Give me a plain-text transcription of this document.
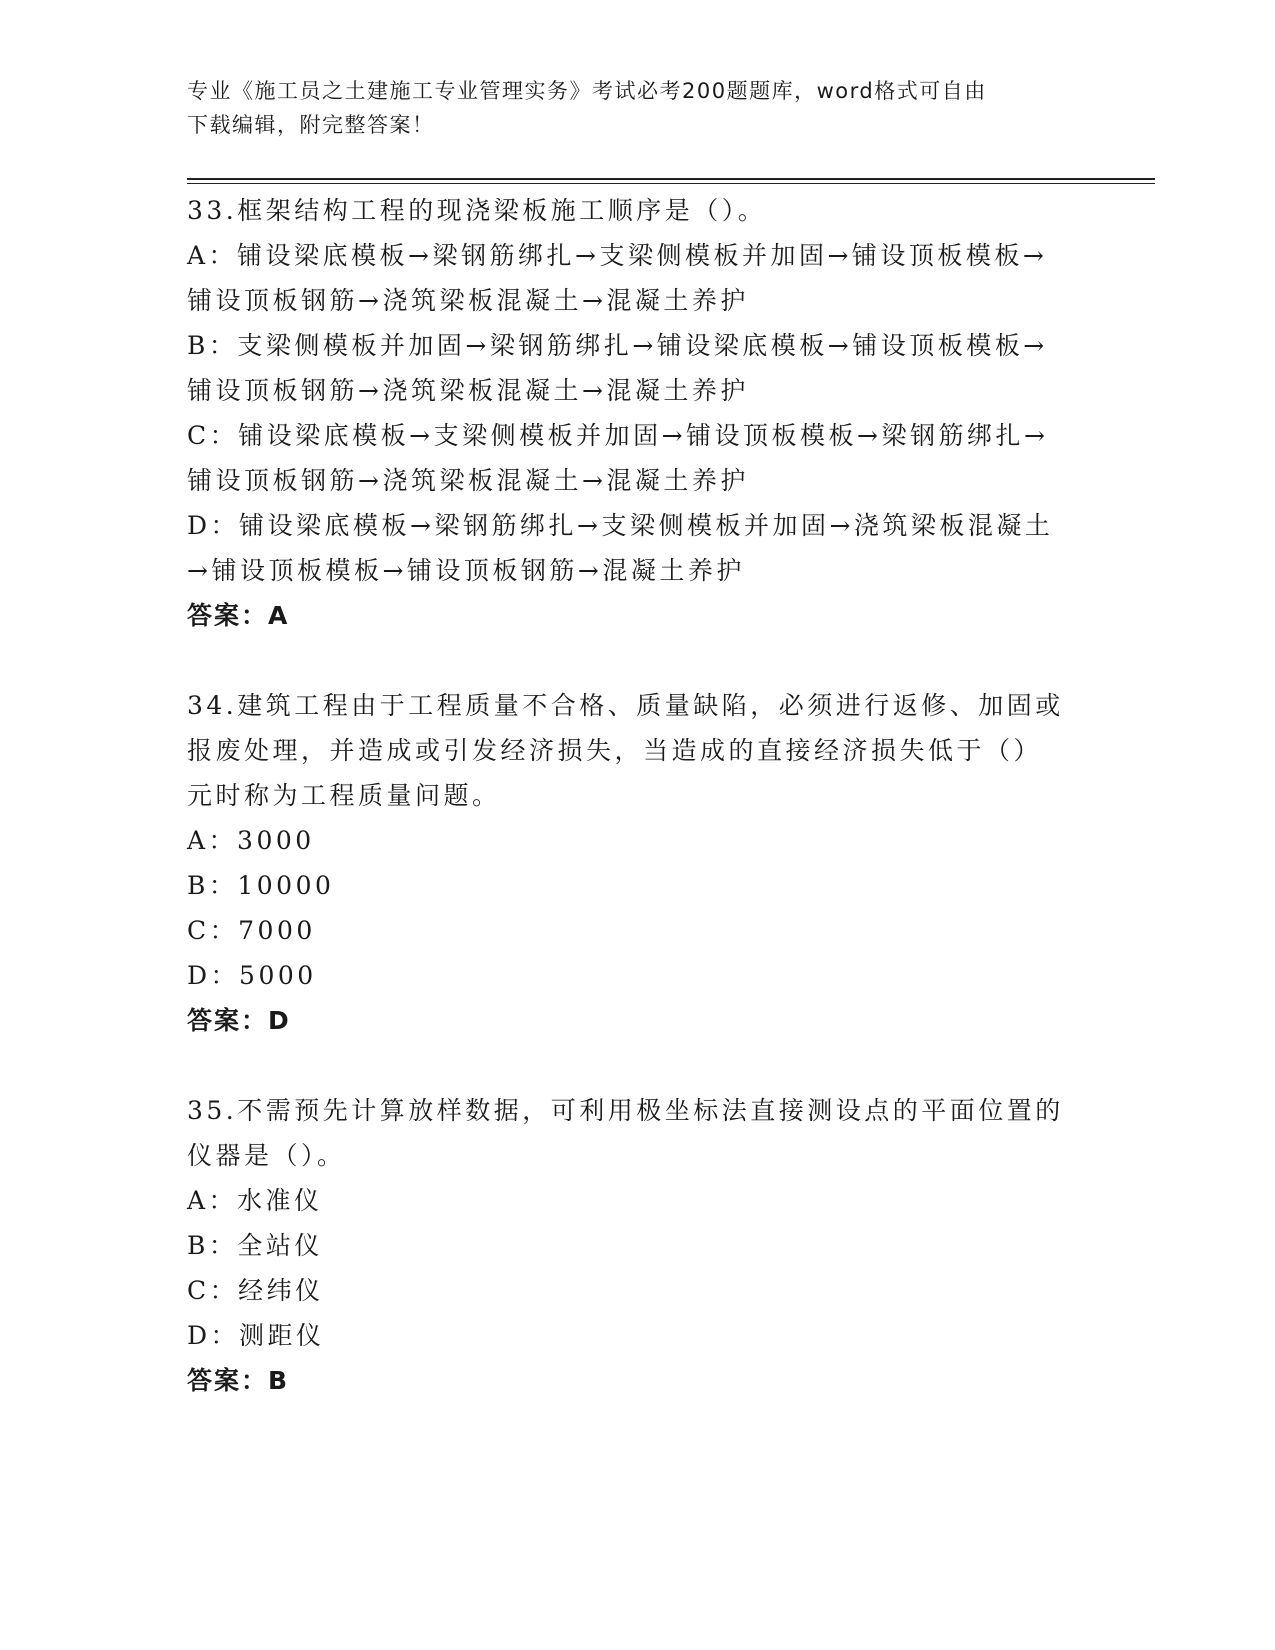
专业《施工员之土建施工专业管理实务》考试必考200题题库，word格式可自由
下载编辑，附完整答案！
33.框架结构工程的现浇梁板施工顺序是（）。
A：铺设梁底模板→梁钢筋绑扎→支梁侧模板并加固→铺设顶板模板→
铺设顶板钢筋→浇筑梁板混凝土→混凝土养护
B：支梁侧模板并加固→梁钢筋绑扎→铺设梁底模板→铺设顶板模板→
铺设顶板钢筋→浇筑梁板混凝土→混凝土养护
C：铺设梁底模板→支梁侧模板并加固→铺设顶板模板→梁钢筋绑扎→
铺设顶板钢筋→浇筑梁板混凝土→混凝土养护
D：铺设梁底模板→梁钢筋绑扎→支梁侧模板并加固→浇筑梁板混凝土
→铺设顶板模板→铺设顶板钢筋→混凝土养护
答案：A
34.建筑工程由于工程质量不合格、质量缺陷，必须进行返修、加固或
报废处理，并造成或引发经济损失，当造成的直接经济损失低于（）
元时称为工程质量问题。
A：3000
B：10000
C：7000
D：5000
答案：D
35.不需预先计算放样数据，可利用极坐标法直接测设点的平面位置的
仪器是（）。
A：水准仪
B：全站仪
C：经纬仪
D：测距仪
答案：B
